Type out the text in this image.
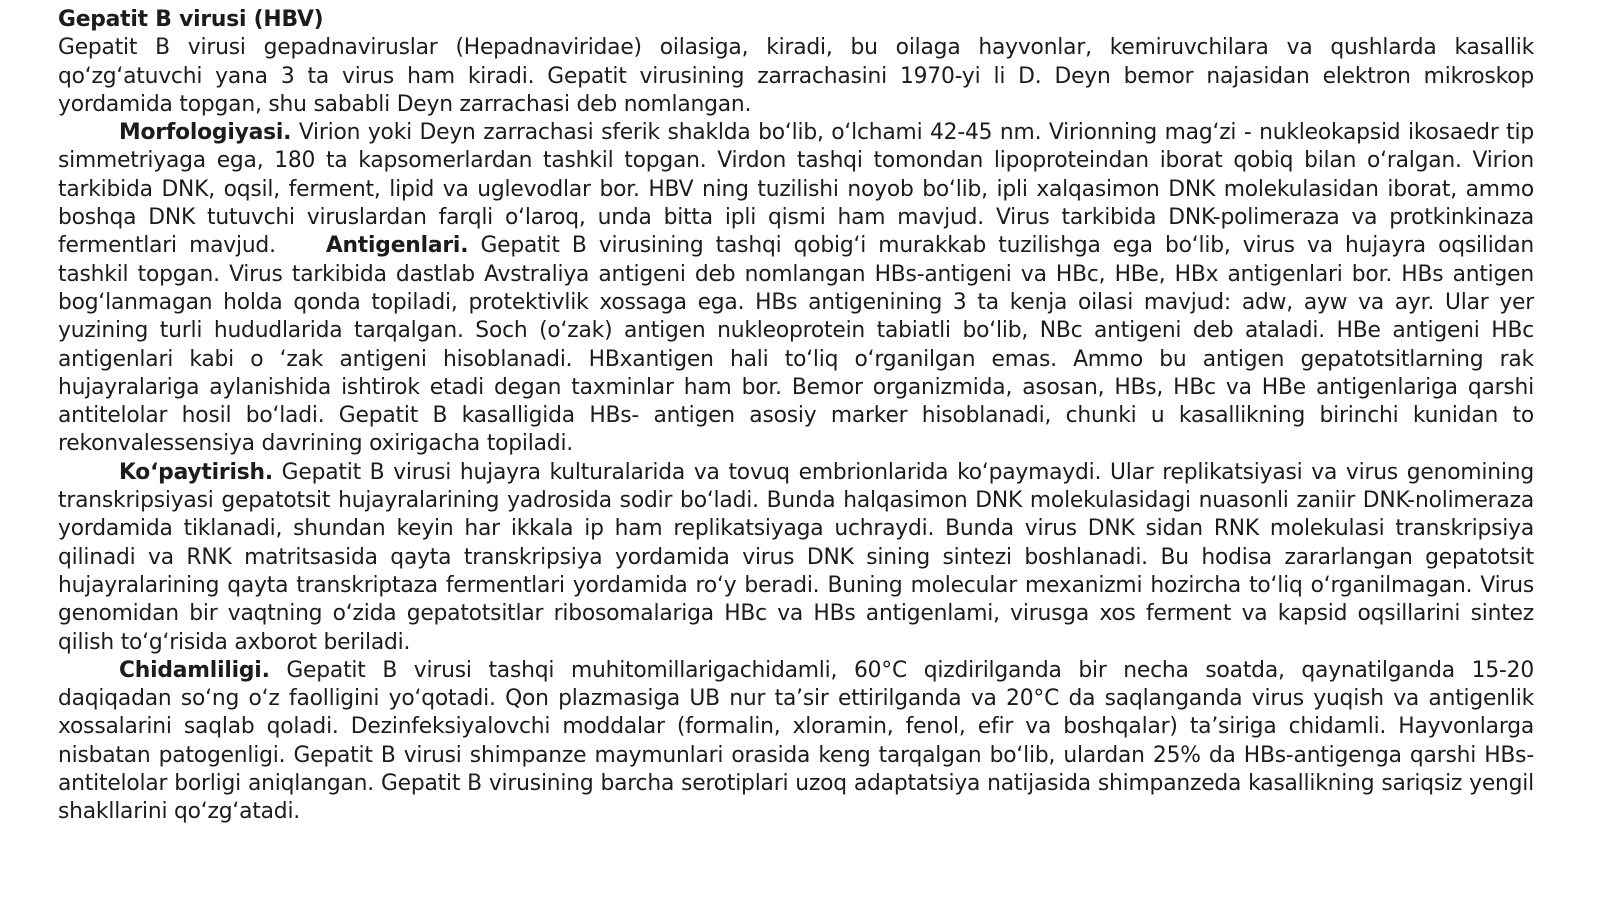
Gepatit B virusi (HBV)

Gepatit B virusi gepadnaviruslar (Hepadnaviridae) oilasiga, kiradi, bu oilaga hayvonlar, kemiruvchilara va qushlarda kasallik qo‘zg‘atuvchi yana 3 ta virus ham kiradi. Gepatit virusining zarrachasini 1970-yi li D. Deyn bemor najasidan elektron mikroskop yordamida topgan, shu sababli Deyn zarrachasi deb nomlangan.

Morfologiyasi. Virion yoki Deyn zarrachasi sferik shaklda bo‘lib, o‘lchami 42-45 nm. Virionning mag‘zi - nukleokapsid ikosaedr tip simmetriyaga ega, 180 ta kapsomerlardan tashkil topgan. Virdon tashqi tomondan lipoproteindan iborat qobiq bilan o‘ralgan. Virion tarkibida DNK, oqsil, ferment, lipid va uglevodlar bor. HBV ning tuzilishi noyob bo‘lib, ipli xalqasimon DNK molekulasidan iborat, ammo boshqa DNK tutuvchi viruslardan farqli o‘laroq, unda bitta ipli qismi ham mavjud. Virus tarkibida DNK-polimeraza va protkinkinaza fermentlari mavjud. Antigenlari. Gepatit B virusining tashqi qobig‘i murakkab tuzilishga ega bo‘lib, virus va hujayra oqsilidan tashkil topgan. Virus tarkibida dastlab Avstraliya antigeni deb nomlangan HBs-antigeni va HBc, HBe, HBx antigenlari bor. HBs antigen bog‘lanmagan holda qonda topiladi, protektivlik xossaga ega. HBs antigenining 3 ta kenja oilasi mavjud: adw, ayw va ayr. Ular yer yuzining turli hududlarida tarqalgan. Soch (o‘zak) antigen nukleoprotein tabiatli bo‘lib, NBc antigeni deb ataladi. HBe antigeni HBc antigenlari kabi o ‘zak antigeni hisoblanadi. HBxantigen hali to‘liq o‘rganilgan emas. Ammo bu antigen gepatotsitlarning rak hujayralariga aylanishida ishtirok etadi degan taxminlar ham bor. Bemor organizmida, asosan, HBs, HBc va HBe antigenlariga qarshi antitelolar hosil bo‘ladi. Gepatit B kasalligida HBs- antigen asosiy marker hisoblanadi, chunki u kasallikning birinchi kunidan to rekonvalessensiya davrining oxirigacha topiladi.

Ko‘paytirish. Gepatit B virusi hujayra kulturalarida va tovuq embrionlarida ko‘paymaydi. Ular replikatsiyasi va virus genomining transkripsiyasi gepatotsit hujayralarining yadrosida sodir bo‘ladi. Bunda halqasimon DNK molekulasidagi nuasonli zaniir DNK-nolimeraza yordamida tiklanadi, shundan keyin har ikkala ip ham replikatsiyaga uchraydi. Bunda virus DNK sidan RNK molekulasi transkripsiya qilinadi va RNK matritsasida qayta transkripsiya yordamida virus DNK sining sintezi boshlanadi. Bu hodisa zararlangan gepatotsit hujayralarining qayta transkriptaza fermentlari yordamida ro‘y beradi. Buning molecular mexanizmi hozircha to‘liq o‘rganilmagan. Virus genomidan bir vaqtning o‘zida gepatotsitlar ribosomalariga HBc va HBs antigenlami, virusga xos ferment va kapsid oqsillarini sintez qilish to‘g‘risida axborot beriladi.

Chidamliligi. Gepatit B virusi tashqi muhitomillarigachidamli, 60°C qizdirilganda bir necha soatda, qaynatilganda 15-20 daqiqadan so‘ng o‘z faolligini yo‘qotadi. Qon plazmasiga UB nur ta’sir ettirilganda va 20°C da saqlanganda virus yuqish va antigenlik xossalarini saqlab qoladi. Dezinfeksiyalovchi moddalar (formalin, xloramin, fenol, efir va boshqalar) ta’siriga chidamli. Hayvonlarga nisbatan patogenligi. Gepatit B virusi shimpanze maymunlari orasida keng tarqalgan bo‘lib, ulardan 25% da HBs-antigenga qarshi HBs-antitelolar borligi aniqlangan. Gepatit B virusining barcha serotiplari uzoq adaptatsiya natijasida shimpanzeda kasallikning sariqsiz yengil shakllarini qo‘zg‘atadi.
